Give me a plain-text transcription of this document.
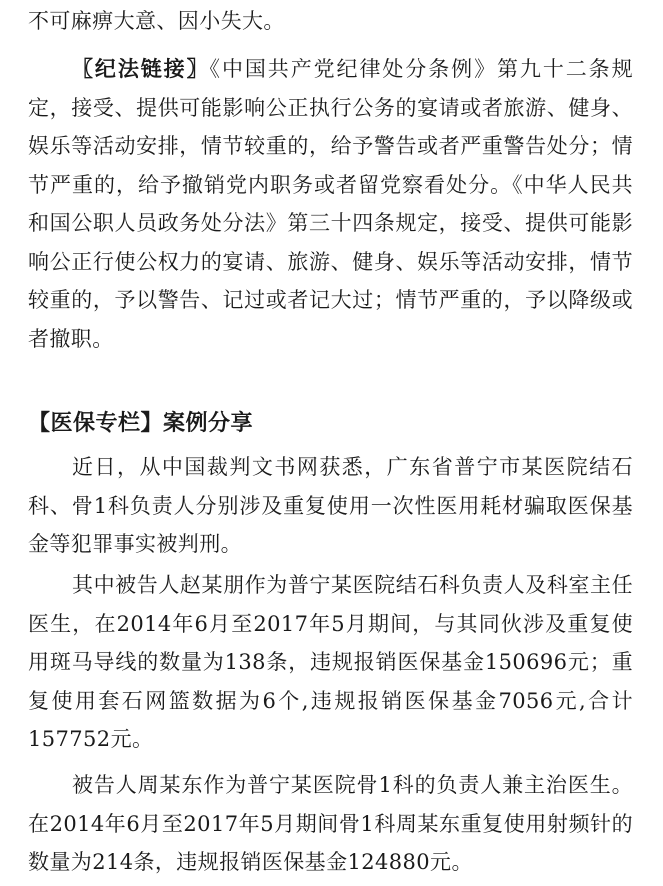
不可麻痹大意、因小失大。

〖纪法链接〗《中国共产党纪律处分条例》第九十二条规定，接受、提供可能影响公正执行公务的宴请或者旅游、健身、娱乐等活动安排，情节较重的，给予警告或者严重警告处分；情节严重的，给予撤销党内职务或者留党察看处分。《中华人民共和国公职人员政务处分法》第三十四条规定，接受、提供可能影响公正行使公权力的宴请、旅游、健身、娱乐等活动安排，情节较重的，予以警告、记过或者记大过；情节严重的，予以降级或者撤职。

【医保专栏】案例分享

近日，从中国裁判文书网获悉，广东省普宁市某医院结石科、骨1科负责人分别涉及重复使用一次性医用耗材骗取医保基金等犯罪事实被判刑。

其中被告人赵某朋作为普宁某医院结石科负责人及科室主任医生，在2014年6月至2017年5月期间，与其同伙涉及重复使用斑马导线的数量为138条，违规报销医保基金150696元；重复使用套石网篮数据为6个,违规报销医保基金7056元,合计157752元。

被告人周某东作为普宁某医院骨1科的负责人兼主治医生。在2014年6月至2017年5月期间骨1科周某东重复使用射频针的数量为214条，违规报销医保基金124880元。
